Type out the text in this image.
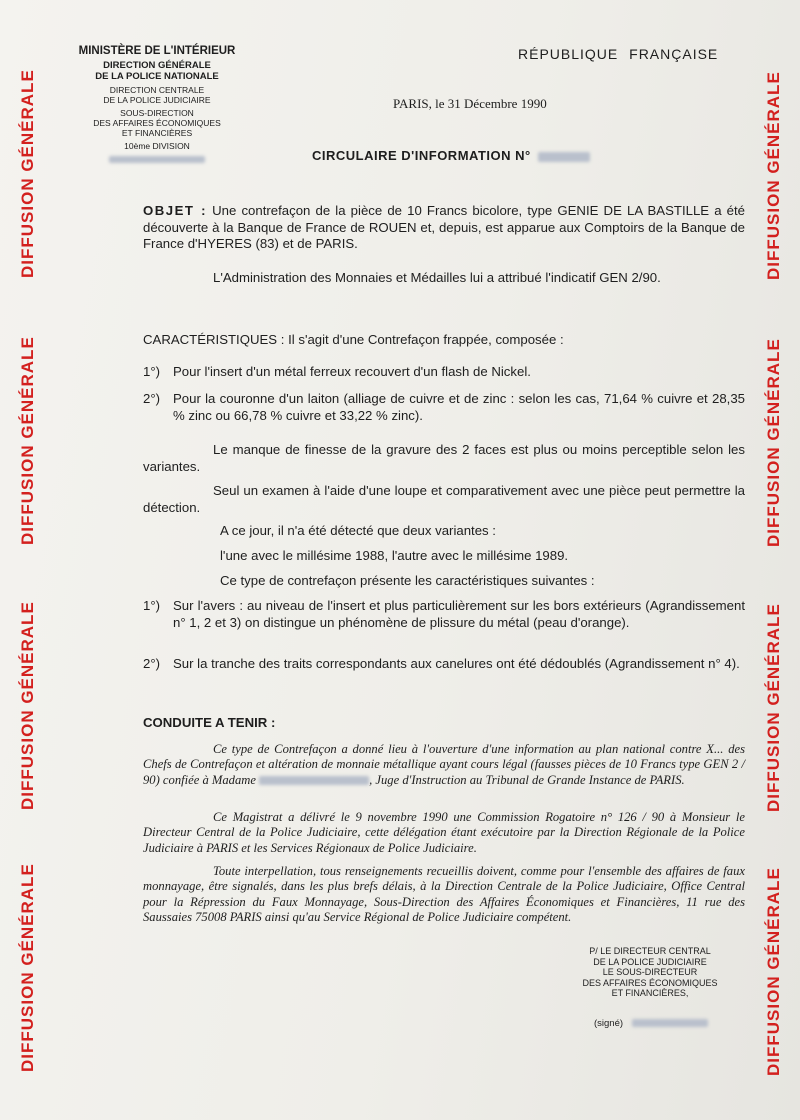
DIFFUSION GÉNÉRALE
DIFFUSION GÉNÉRALE
DIFFUSION GÉNÉRALE
DIFFUSION GÉNÉRALE
DIFFUSION GÉNÉRALE
DIFFUSION GÉNÉRALE
DIFFUSION GÉNÉRALE
DIFFUSION GÉNÉRALE
MINISTÈRE DE L'INTÉRIEUR
DIRECTION GÉNÉRALE
DE LA POLICE NATIONALE
DIRECTION CENTRALE
DE LA POLICE JUDICIAIRE
SOUS-DIRECTION
DES AFFAIRES ÉCONOMIQUES
ET FINANCIÈRES
10ème DIVISION
RÉPUBLIQUE FRANÇAISE
PARIS, le 31 Décembre 1990
CIRCULAIRE D'INFORMATION N°
OBJET : Une contrefaçon de la pièce de 10 Francs bicolore, type GENIE DE LA BASTILLE a été découverte à la Banque de France de ROUEN et, depuis, est apparue aux Comptoirs de la Banque de France d'HYERES (83) et de PARIS.
L'Administration des Monnaies et Médailles lui a attribué l'indicatif GEN 2/90.
CARACTÉRISTIQUES : Il s'agit d'une Contrefaçon frappée, composée :
1°) Pour l'insert d'un métal ferreux recouvert d'un flash de Nickel.
2°) Pour la couronne d'un laiton (alliage de cuivre et de zinc : selon les cas, 71,64 % cuivre et 28,35 % zinc ou 66,78 % cuivre et 33,22 % zinc).
Le manque de finesse de la gravure des 2 faces est plus ou moins perceptible selon les variantes.
Seul un examen à l'aide d'une loupe et comparativement avec une pièce peut permettre la détection.
A ce jour, il n'a été détecté que deux variantes :
l'une avec le millésime 1988, l'autre avec le millésime 1989.
Ce type de contrefaçon présente les caractéristiques suivantes :
1°) Sur l'avers : au niveau de l'insert et plus particulièrement sur les bors extérieurs (Agrandissement n° 1, 2 et 3) on distingue un phénomène de plissure du métal (peau d'orange).
2°) Sur la tranche des traits correspondants aux canelures ont été dédoublés (Agrandissement n° 4).
CONDUITE A TENIR :
Ce type de Contrefaçon a donné lieu à l'ouverture d'une information au plan national contre X... des Chefs de Contrefaçon et altération de monnaie métallique ayant cours légal (fausses pièces de 10 Francs type GEN 2 / 90) confiée à Madame	, Juge d'Instruction au Tribunal de Grande Instance de PARIS.
Ce Magistrat a délivré le 9 novembre 1990 une Commission Rogatoire n° 126 / 90 à Monsieur le Directeur Central de la Police Judiciaire, cette délégation étant exécutoire par la Direction Régionale de la Police Judiciaire à PARIS et les Services Régionaux de Police Judiciaire.
Toute interpellation, tous renseignements recueillis doivent, comme pour l'ensemble des affaires de faux monnayage, être signalés, dans les plus brefs délais, à la Direction Centrale de la Police Judiciaire, Office Central pour la Répression du Faux Monnayage, Sous-Direction des Affaires Économiques et Financières, 11 rue des Saussaies 75008 PARIS ainsi qu'au Service Régional de Police Judiciaire compétent.
P/ LE DIRECTEUR CENTRAL
DE LA POLICE JUDICIAIRE
LE SOUS-DIRECTEUR
DES AFFAIRES ÉCONOMIQUES
ET FINANCIÈRES,
(signé)
